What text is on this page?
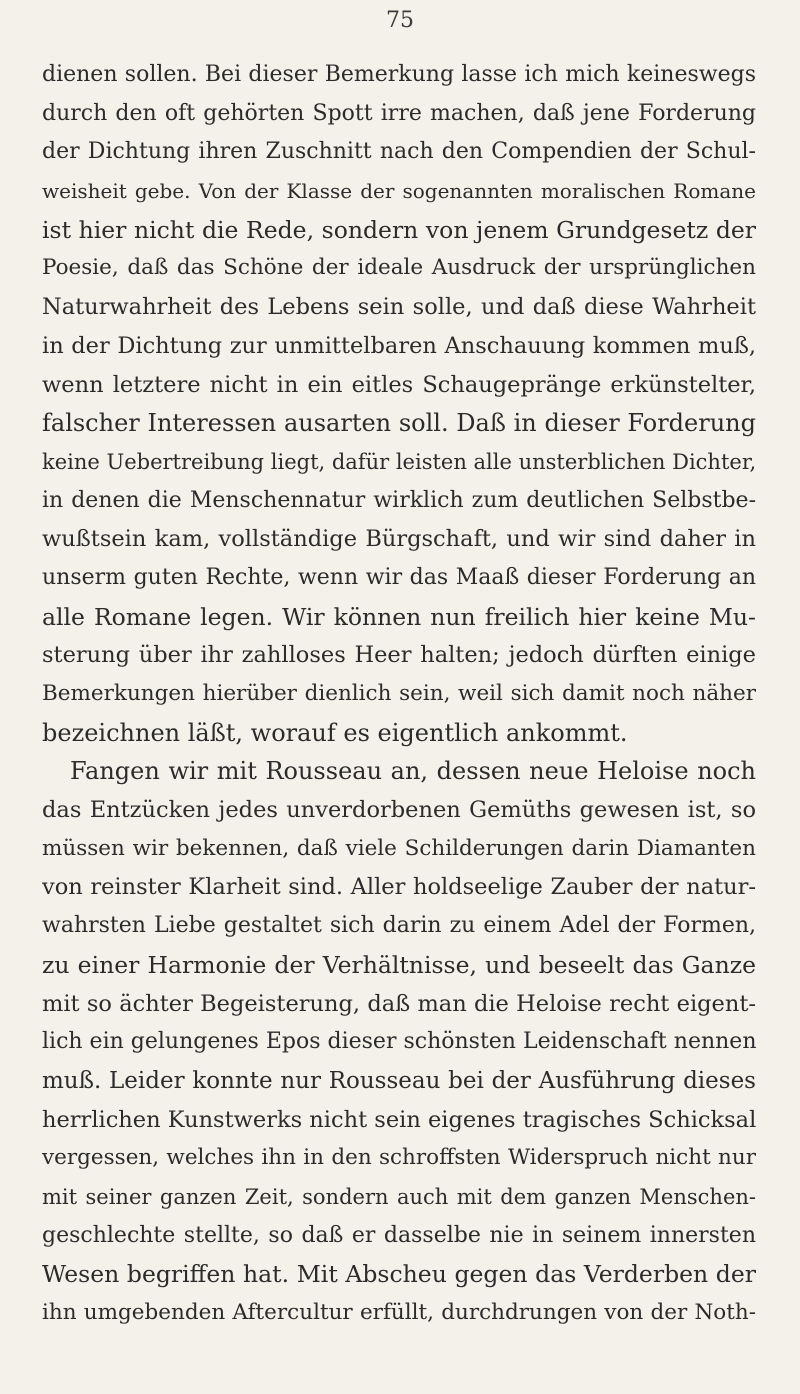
75
dienen sollen. Bei dieser Bemerkung lasse ich mich keineswegs
durch den oft gehörten Spott irre machen, daß jene Forderung
der Dichtung ihren Zuschnitt nach den Compendien der Schul-
weisheit gebe. Von der Klasse der sogenannten moralischen Romane
ist hier nicht die Rede, sondern von jenem Grundgesetz der
Poesie, daß das Schöne der ideale Ausdruck der ursprünglichen
Naturwahrheit des Lebens sein solle, und daß diese Wahrheit
in der Dichtung zur unmittelbaren Anschauung kommen muß,
wenn letztere nicht in ein eitles Schaugepränge erkünstelter,
falscher Interessen ausarten soll. Daß in dieser Forderung
keine Uebertreibung liegt, dafür leisten alle unsterblichen Dichter,
in denen die Menschennatur wirklich zum deutlichen Selbstbe-
wußtsein kam, vollständige Bürgschaft, und wir sind daher in
unserm guten Rechte, wenn wir das Maaß dieser Forderung an
alle Romane legen. Wir können nun freilich hier keine Mu-
sterung über ihr zahlloses Heer halten; jedoch dürften einige
Bemerkungen hierüber dienlich sein, weil sich damit noch näher
bezeichnen läßt, worauf es eigentlich ankommt.
Fangen wir mit Rousseau an, dessen neue Heloise noch
das Entzücken jedes unverdorbenen Gemüths gewesen ist, so
müssen wir bekennen, daß viele Schilderungen darin Diamanten
von reinster Klarheit sind. Aller holdseelige Zauber der natur-
wahrsten Liebe gestaltet sich darin zu einem Adel der Formen,
zu einer Harmonie der Verhältnisse, und beseelt das Ganze
mit so ächter Begeisterung, daß man die Heloise recht eigent-
lich ein gelungenes Epos dieser schönsten Leidenschaft nennen
muß. Leider konnte nur Rousseau bei der Ausführung dieses
herrlichen Kunstwerks nicht sein eigenes tragisches Schicksal
vergessen, welches ihn in den schroffsten Widerspruch nicht nur
mit seiner ganzen Zeit, sondern auch mit dem ganzen Menschen-
geschlechte stellte, so daß er dasselbe nie in seinem innersten
Wesen begriffen hat. Mit Abscheu gegen das Verderben der
ihn umgebenden Aftercultur erfüllt, durchdrungen von der Noth-
